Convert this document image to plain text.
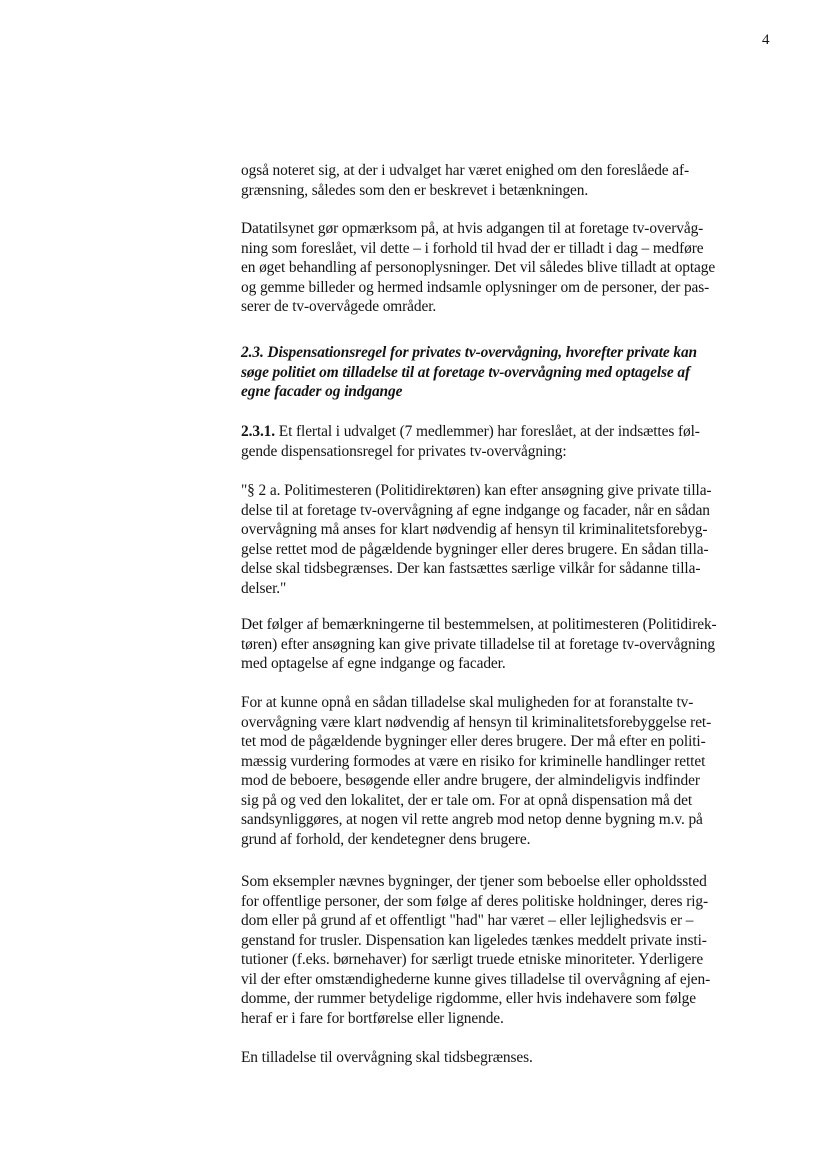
4
også noteret sig, at der i udvalget har været enighed om den foreslåede af-
grænsning, således som den er beskrevet i betænkningen.
Datatilsynet gør opmærksom på, at hvis adgangen til at foretage tv-overvåg-
ning som foreslået, vil dette – i forhold til hvad der er tilladt i dag – medføre
en øget behandling af personoplysninger. Det vil således blive tilladt at optage
og gemme billeder og hermed indsamle oplysninger om de personer, der pas-
serer de tv-overvågede områder.
2.3. Dispensationsregel for privates tv-overvågning, hvorefter private kan
søge politiet om tilladelse til at foretage tv-overvågning med optagelse af
egne facader og indgange
2.3.1. Et flertal i udvalget (7 medlemmer) har foreslået, at der indsættes føl-
gende dispensationsregel for privates tv-overvågning:
"§ 2 a. Politimesteren (Politidirektøren) kan efter ansøgning give private tilla-
delse til at foretage tv-overvågning af egne indgange og facader, når en sådan
overvågning må anses for klart nødvendig af hensyn til kriminalitetsforebyg-
gelse rettet mod de pågældende bygninger eller deres brugere. En sådan tilla-
delse skal tidsbegrænses. Der kan fastsættes særlige vilkår for sådanne tilla-
delser."
Det følger af bemærkningerne til bestemmelsen, at politimesteren (Politidirek-
tøren) efter ansøgning kan give private tilladelse til at foretage tv-overvågning
med optagelse af egne indgange og facader.
For at kunne opnå en sådan tilladelse skal muligheden for at foranstalte tv-
overvågning være klart nødvendig af hensyn til kriminalitetsforebyggelse ret-
tet mod de pågældende bygninger eller deres brugere. Der må efter en politi-
mæssig vurdering formodes at være en risiko for kriminelle handlinger rettet
mod de beboere, besøgende eller andre brugere, der almindeligvis indfinder
sig på og ved den lokalitet, der er tale om. For at opnå dispensation må det
sandsynliggøres, at nogen vil rette angreb mod netop denne bygning m.v. på
grund af forhold, der kendetegner dens brugere.
Som eksempler nævnes bygninger, der tjener som beboelse eller opholdssted
for offentlige personer, der som følge af deres politiske holdninger, deres rig-
dom eller på grund af et offentligt "had" har været – eller lejlighedsvis er –
genstand for trusler. Dispensation kan ligeledes tænkes meddelt private insti-
tutioner (f.eks. børnehaver) for særligt truede etniske minoriteter. Yderligere
vil der efter omstændighederne kunne gives tilladelse til overvågning af ejen-
domme, der rummer betydelige rigdomme, eller hvis indehavere som følge
heraf er i fare for bortførelse eller lignende.
En tilladelse til overvågning skal tidsbegrænses.
